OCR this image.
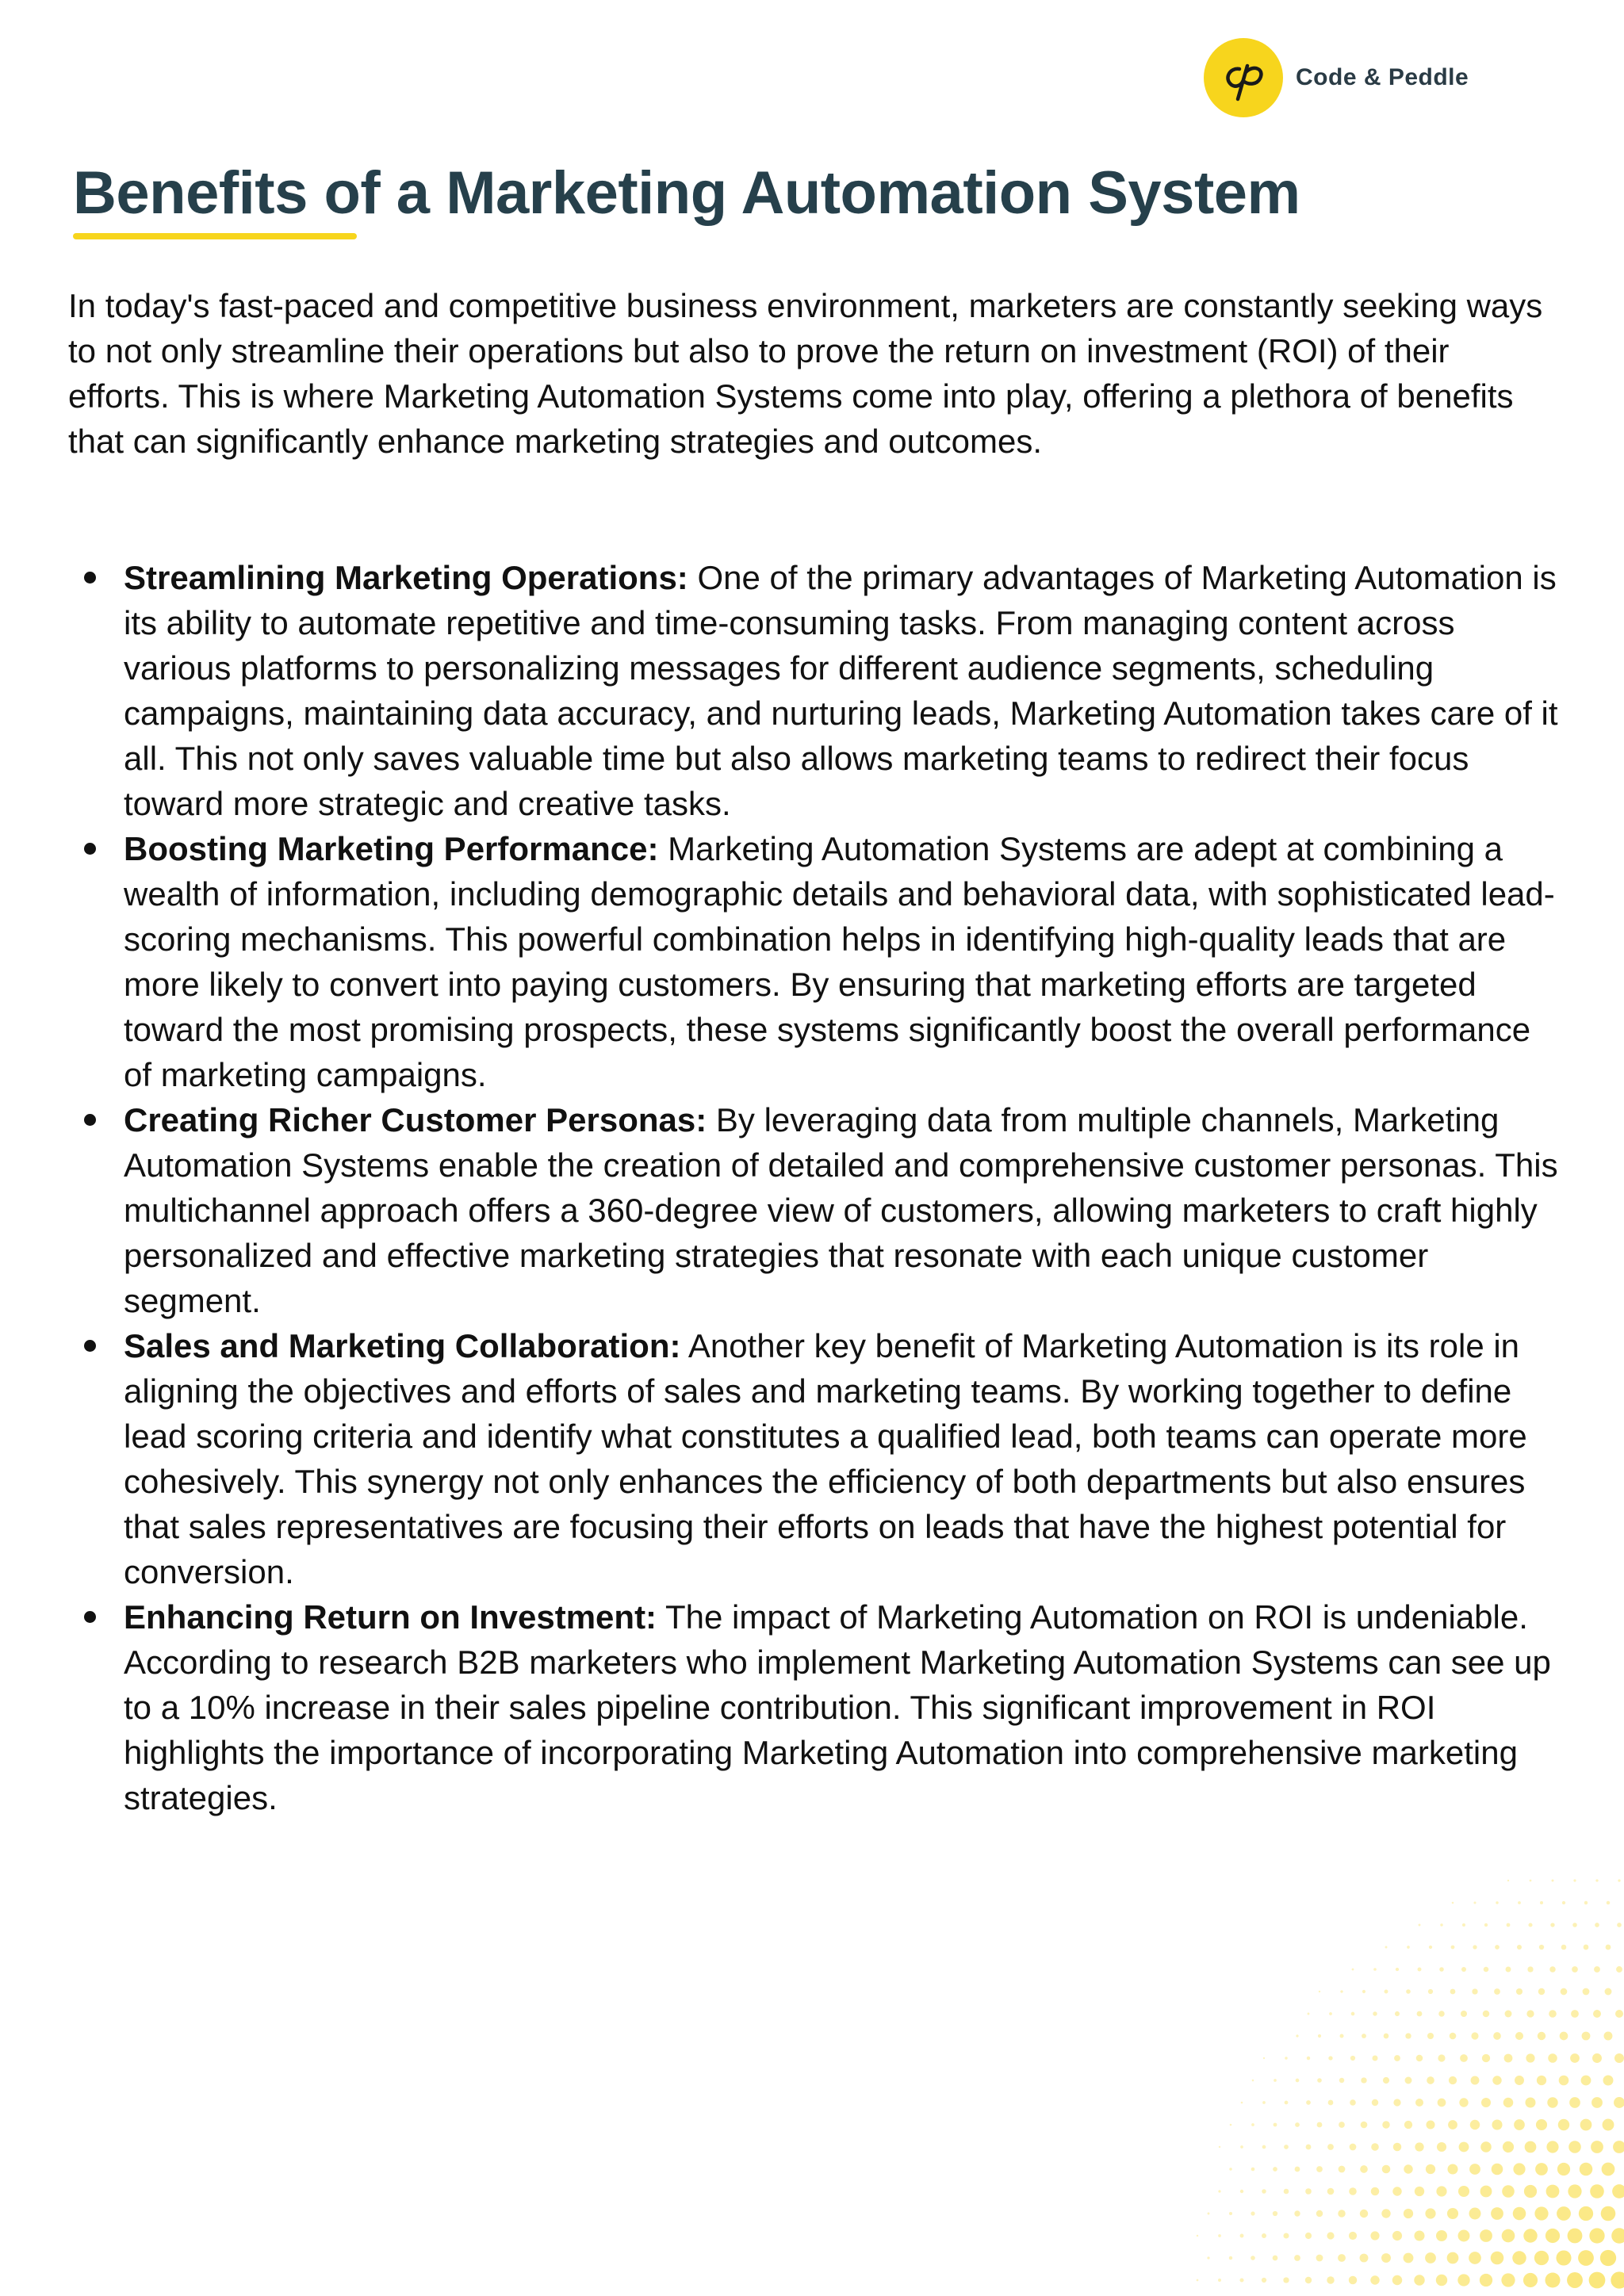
Code & Peddle
Benefits of a Marketing Automation System

In today's fast-paced and competitive business environment, marketers are constantly seeking ways to not only streamline their operations but also to prove the return on investment (ROI) of their efforts. This is where Marketing Automation Systems come into play, offering a plethora of benefits that can significantly enhance marketing strategies and outcomes.

Streamlining Marketing Operations: One of the primary advantages of Marketing Automation is its ability to automate repetitive and time-consuming tasks. From managing content across various platforms to personalizing messages for different audience segments, scheduling campaigns, maintaining data accuracy, and nurturing leads, Marketing Automation takes care of it all. This not only saves valuable time but also allows marketing teams to redirect their focus toward more strategic and creative tasks.
Boosting Marketing Performance: Marketing Automation Systems are adept at combining a wealth of information, including demographic details and behavioral data, with sophisticated lead-scoring mechanisms. This powerful combination helps in identifying high-quality leads that are more likely to convert into paying customers. By ensuring that marketing efforts are targeted toward the most promising prospects, these systems significantly boost the overall performance of marketing campaigns.
Creating Richer Customer Personas: By leveraging data from multiple channels, Marketing Automation Systems enable the creation of detailed and comprehensive customer personas. This multichannel approach offers a 360-degree view of customers, allowing marketers to craft highly personalized and effective marketing strategies that resonate with each unique customer segment.
Sales and Marketing Collaboration: Another key benefit of Marketing Automation is its role in aligning the objectives and efforts of sales and marketing teams. By working together to define lead scoring criteria and identify what constitutes a qualified lead, both teams can operate more cohesively. This synergy not only enhances the efficiency of both departments but also ensures that sales representatives are focusing their efforts on leads that have the highest potential for conversion.
Enhancing Return on Investment: The impact of Marketing Automation on ROI is undeniable. According to research B2B marketers who implement Marketing Automation Systems can see up to a 10% increase in their sales pipeline contribution. This significant improvement in ROI highlights the importance of incorporating Marketing Automation into comprehensive marketing strategies.
